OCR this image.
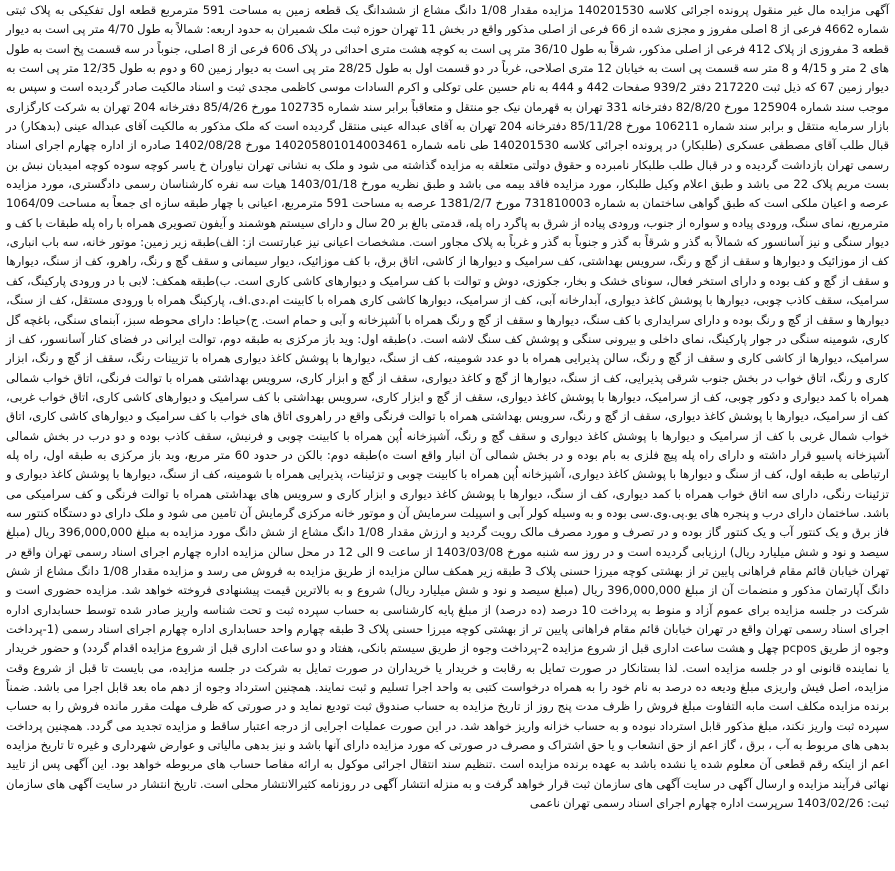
آگهی مزایده مال غیر منقول پرونده اجرائی کلاسه 140201530 مزایده مقدار 1/08 دانگ مشاع از ششدانگ یک قطعه زمین به مساحت 591 مترمربع قطعه اول تفکیکی به پلاک ثبتی شماره 4662 فرعی از 8 اصلی مفروز و مجزی شده از 66 فرعی از اصلی مذکور واقع در بخش 11 تهران حوزه ثبت ملک شمیران به حدود اربعه: شمالاً به طول 4/70 متر پی است به دیوار قطعه 3 مفروزی از پلاک 412 فرعی از اصلی مذکور، شرقاً به طول 36/10 متر پی است به کوچه هشت متری احداثی در پلاک 606 فرعی از 8 اصلی، جنوباً در سه قسمت پخ است به طول های 2 متر و 4/15 و 8 متر سه قسمت پی است به خیابان 12 متری اصلاحی، غرباً در دو قسمت اول به طول 28/25 متر پی است به دیوار زمین 60 و دوم به طول 12/35 متر پی است به دیوار زمین 67 که ذیل ثبت 217220 دفتر 939/2 صفحات 442 و 444 به نام حسین علی توکلی و اکرم السادات موسی کاظمی مجدی ثبت و اسناد مالکیت صادر گردیده است و سپس به موجب سند شماره 125904 مورخ 82/8/20 دفترخانه 331 تهران به قهرمان نیک جو منتقل و متعاقباً برابر سند شماره 102735 مورخ 85/4/26 دفترخانه 204 تهران به شرکت کارگزاری بازار سرمایه منتقل و برابر سند شماره 106211 مورخ 85/11/28 دفترخانه 204 تهران به آقای عبداله عینی منتقل گردیده است که ملک مذکور به مالکیت آقای عبداله عینی (بدهکار) در قبال طلب آقای مصطفی عسکری (طلبکار) در پرونده اجرائی کلاسه 140201530 طی نامه شماره 140205801014003461 مورخ 1402/08/28 صادره از اداره چهارم اجرای اسناد رسمی تهران بازداشت گردیده و در قبال طلب طلبکار نامبرده و حقوق دولتی متعلقه به مزایده گذاشته می شود و ملک به نشانی تهران نیاوران خ یاسر کوچه سوده کوچه امیدیان نبش بن بست مریم پلاک 22 می باشد و طبق اعلام وکیل طلبکار، مورد مزایده فاقد بیمه می باشد و طبق نظریه مورخ 1403/01/18 هیات سه نفره کارشناسان رسمی دادگستری، مورد مزایده عرصه و اعیان ملکی است که طبق گواهی ساختمان به شماره 731810003 مورخ 1381/2/7 عرصه به مساحت 591 مترمربع، اعیانی با چهار طبقه سازه ای جمعاً به مساحت 1064/09 مترمربع، نمای سنگ، ورودی پیاده و سواره از جنوب، ورودی پیاده از شرق به پاگرد راه پله، قدمتی بالغ بر 20 سال و دارای سیستم هوشمند و آیفون تصویری همراه با راه پله طبقات با کف و دیوار سنگی و نیز آسانسور که شمالاً به گذر و شرقاً به گذر و جنوباً به گذر و غرباً به پلاک مجاور است. مشخصات اعیانی نیز عبارتست از: الف)طبقه زیر زمین: موتور خانه، سه باب انباری، کف از موزائیک و دیوارها و سقف از گچ و رنگ، سرویس بهداشتی، کف سرامیک و دیوارها از کاشی، اتاق برق، با کف موزائیک، دیوار سیمانی و سقف گچ و رنگ، راهرو، کف از سنگ، دیوارها و سقف از گچ و کف بوده و دارای استخر فعال، سونای خشک و بخار، جکوزی، دوش و توالت با کف سرامیک و دیوارهای کاشی کاری است. ب)طبقه همکف: لابی با در ورودی پارکینگ، کف سرامیک، سقف کاذب چوبی، دیوارها با پوشش کاغذ دیواری، آبدارخانه آبی، کف از سرامیک، دیوارها کاشی کاری همراه با کابینت ام.دی.اف، پارکینگ همراه با ورودی مستقل، کف از سنگ، دیوارها و سقف از گچ و رنگ بوده و دارای سرایداری با کف سنگ، دیوارها و سقف از گچ و رنگ همراه با آشپزخانه و آبی و حمام است. ج)حیاط: دارای محوطه سبز، آبنمای سنگی، باغچه گل کاری، شومینه سنگی در جوار پارکینگ، نمای داخلی و بیرونی سنگی و پوشش کف سنگ لاشه است. د)طبقه اول: وید باز مرکزی به طبقه دوم، توالت ایرانی در فضای کنار آسانسور، کف از سرامیک، دیوارها از کاشی کاری و سقف از گچ و رنگ، سالن پذیرایی همراه با دو عدد شومینه، کف از سنگ، دیوارها با پوشش کاغذ دیواری همراه با تزیینات رنگ، سقف از گچ و رنگ، ابزار کاری و رنگ، اتاق خواب در بخش جنوب شرقی پذیرایی، کف از سنگ، دیوارها از گچ و کاغذ دیواری، سقف از گچ و ابزار کاری، سرویس بهداشتی همراه با توالت فرنگی، اتاق خواب شمالی همراه با کمد دیواری و دکور چوبی، کف از سرامیک، دیوارها با پوشش کاغذ دیواری، سقف از گچ و ابزار کاری، سرویس بهداشتی با کف سرامیک و دیوارهای کاشی کاری، اتاق خواب غربی، کف از سرامیک، دیوارها با پوشش کاغذ دیواری، سقف از گچ و رنگ، سرویس بهداشتی همراه با توالت فرنگی واقع در راهروی اتاق های خواب با کف سرامیک و دیوارهای کاشی کاری، اتاق خواب شمال غربی با کف از سرامیک و دیوارها با پوشش کاغذ دیواری و سقف گچ و رنگ، آشپزخانه اُپن همراه با کابینت چوبی و فرنیش، سقف کاذب بوده و دو درب در بخش شمالی آشپزخانه پاسیو قرار داشته و دارای راه پله پیچ فلزی به بام بوده و در بخش شمالی آن انبار واقع است ه)طبقه دوم: بالکن در حدود 60 متر مربع، وید باز مرکزی به طبقه اول، راه پله ارتباطی به طبقه اول، کف از سنگ و دیوارها با پوشش کاغذ دیواری، آشپزخانه اُپن همراه با کابینت چوبی و تزئینات، پذیرایی همراه با شومینه، کف از سنگ، دیوارها با پوشش کاغذ دیواری و تزئینات رنگی، دارای سه اتاق خواب همراه با کمد دیواری، کف از سنگ، دیوارها با پوشش کاغذ دیواری و ابزار کاری و سرویس های بهداشتی همراه با توالت فرنگی و کف سرامیکی می باشد. ساختمان دارای درب و پنجره های یو.پی.وی.سی بوده و به وسیله کولر آبی و اسپیلت سرمایش آن و موتور خانه مرکزی گرمایش آن تامین می شود و ملک دارای دو دستگاه کنتور سه فاز برق و یک کنتور آب و یک کنتور گاز بوده و در تصرف و مورد مصرف مالک رویت گردید و ارزش مقدار 1/08 دانگ مشاع از شش دانگ مورد مزایده به مبلغ 396,000,000 ریال (مبلغ سیصد و نود و شش میلیارد ریال) ارزیابی گردیده است و در روز سه شنبه مورخ 1403/03/08 از ساعت 9 الی 12 در محل سالن مزایده اداره چهارم اجرای اسناد رسمی تهران واقع در تهران خیابان قائم مقام فراهانی پایین تر از بهشتی کوچه میرزا حسنی پلاک 3 طبقه زیر همکف سالن مزایده از طریق مزایده به فروش می رسد و مزایده مقدار 1/08 دانگ مشاع از شش دانگ آپارتمان مذکور و منضمات آن از مبلغ 396,000,000 ریال (مبلغ سیصد و نود و شش میلیارد ریال) شروع و به بالاترین قیمت پیشنهادی فروخته خواهد شد. مزایده حضوری است و شرکت در جلسه مزایده برای عموم آزاد و منوط به پرداخت 10 درصد (ده درصد) از مبلغ پایه کارشناسی به حساب سپرده ثبت و تحت شناسه واریز صادر شده توسط حسابداری اداره اجرای اسناد رسمی تهران واقع در تهران خیابان قائم مقام فراهانی پایین تر از بهشتی کوچه میرزا حسنی پلاک 3 طبقه چهارم واحد حسابداری اداره چهارم اجرای اسناد رسمی (1-پرداخت وجوه از طریق pcpos چهل و هشت ساعت اداری قبل از شروع مزایده 2-پرداخت وجوه از طریق سیستم بانکی، هفتاد و دو ساعت اداری قبل از شروع مزایده اقدام گردد) و حضور خریدار یا نماینده قانونی او در جلسه مزایده است. لذا بستانکار در صورت تمایل به رقابت و خریدار یا خریداران در صورت تمایل به شرکت در جلسه مزایده، می بایست تا قبل از شروع وقت مزایده، اصل فیش واریزی مبلغ ودیعه ده درصد به نام خود را به همراه درخواست کتبی به واحد اجرا تسلیم و ثبت نمایند. همچنین استرداد وجوه از دهم ماه بعد قابل اجرا می باشد. ضمناً برنده مزایده مکلف است مابه التفاوت مبلغ فروش را ظرف مدت پنج روز از تاریخ مزایده به حساب صندوق ثبت تودیع نماید و در صورتی که ظرف مهلت مقرر مانده فروش را به حساب سپرده ثبت واریز نکند، مبلغ مذکور قابل استرداد نبوده و به حساب خزانه واریز خواهد شد. در این صورت عملیات اجرایی از درجه اعتبار ساقط و مزایده تجدید می گردد. همچنین پرداخت بدهی های مربوط به آب ، برق ، گاز اعم از حق انشعاب و یا حق اشتراک و مصرف در صورتی که مورد مزایده دارای آنها باشد و نیز بدهی مالیاتی و عوارض شهرداری و غیره تا تاریخ مزایده اعم از اینکه رقم قطعی آن معلوم شده یا نشده باشد به عهده برنده مزایده است .تنظیم سند انتقال اجرائی موکول به ارائه مفاصا حساب های مربوطه خواهد بود. این آگهی پس از تایید نهائی فرآیند مزایده و ارسال آگهی در سایت آگهی های سازمان ثبت قرار خواهد گرفت و به منزله انتشار آگهی در روزنامه کثیرالانتشار محلی است. تاریخ انتشار در سایت آگهی های سازمان ثبت: 1403/02/26 سرپرست اداره چهارم اجرای اسناد رسمی تهران ناعمی
